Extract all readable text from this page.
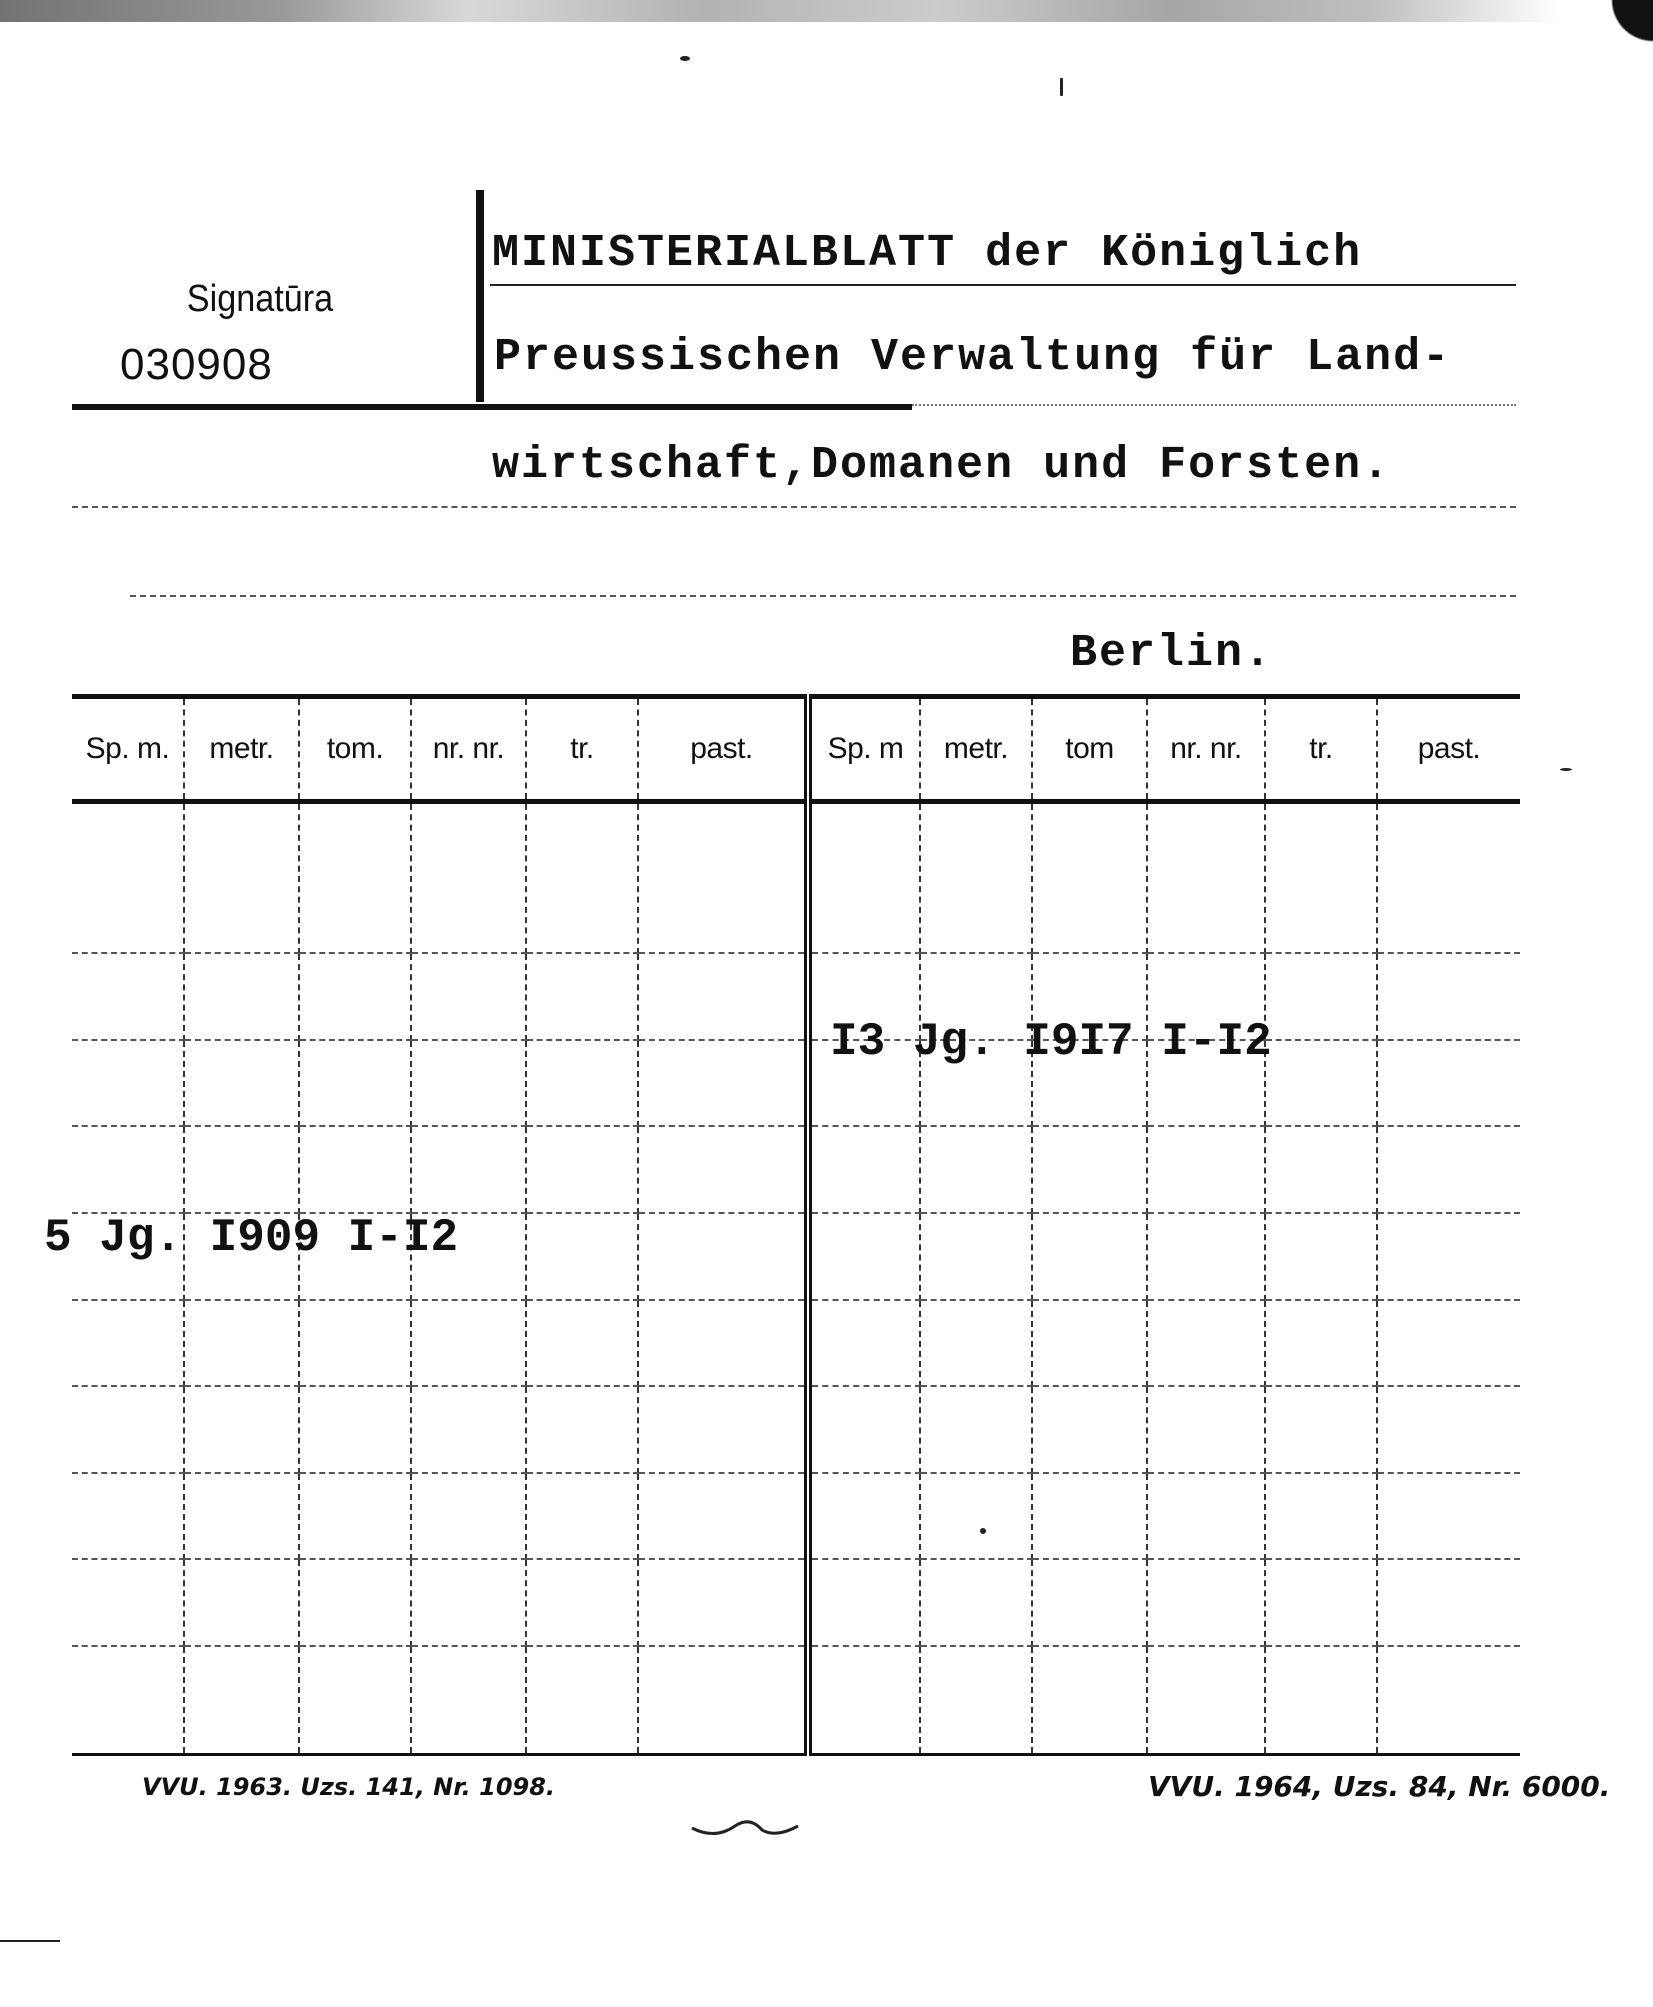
Signatūra
030908
MINISTERIALBLATT der Königlich
Preussischen Verwaltung für Land-
wirtschaft,Domanen und Forsten.
Berlin.
Sp. m.	metr.	tom.	nr. nr.	tr.	past.	Sp. m	metr.	tom	nr. nr.	tr.	past.

5 Jg. I909 I-I2
I3 Jg. I9I7 I-I2
VVU. 1963. Uzs. 141, Nr. 1098.	VVU. 1964, Uzs. 84, Nr. 6000.
